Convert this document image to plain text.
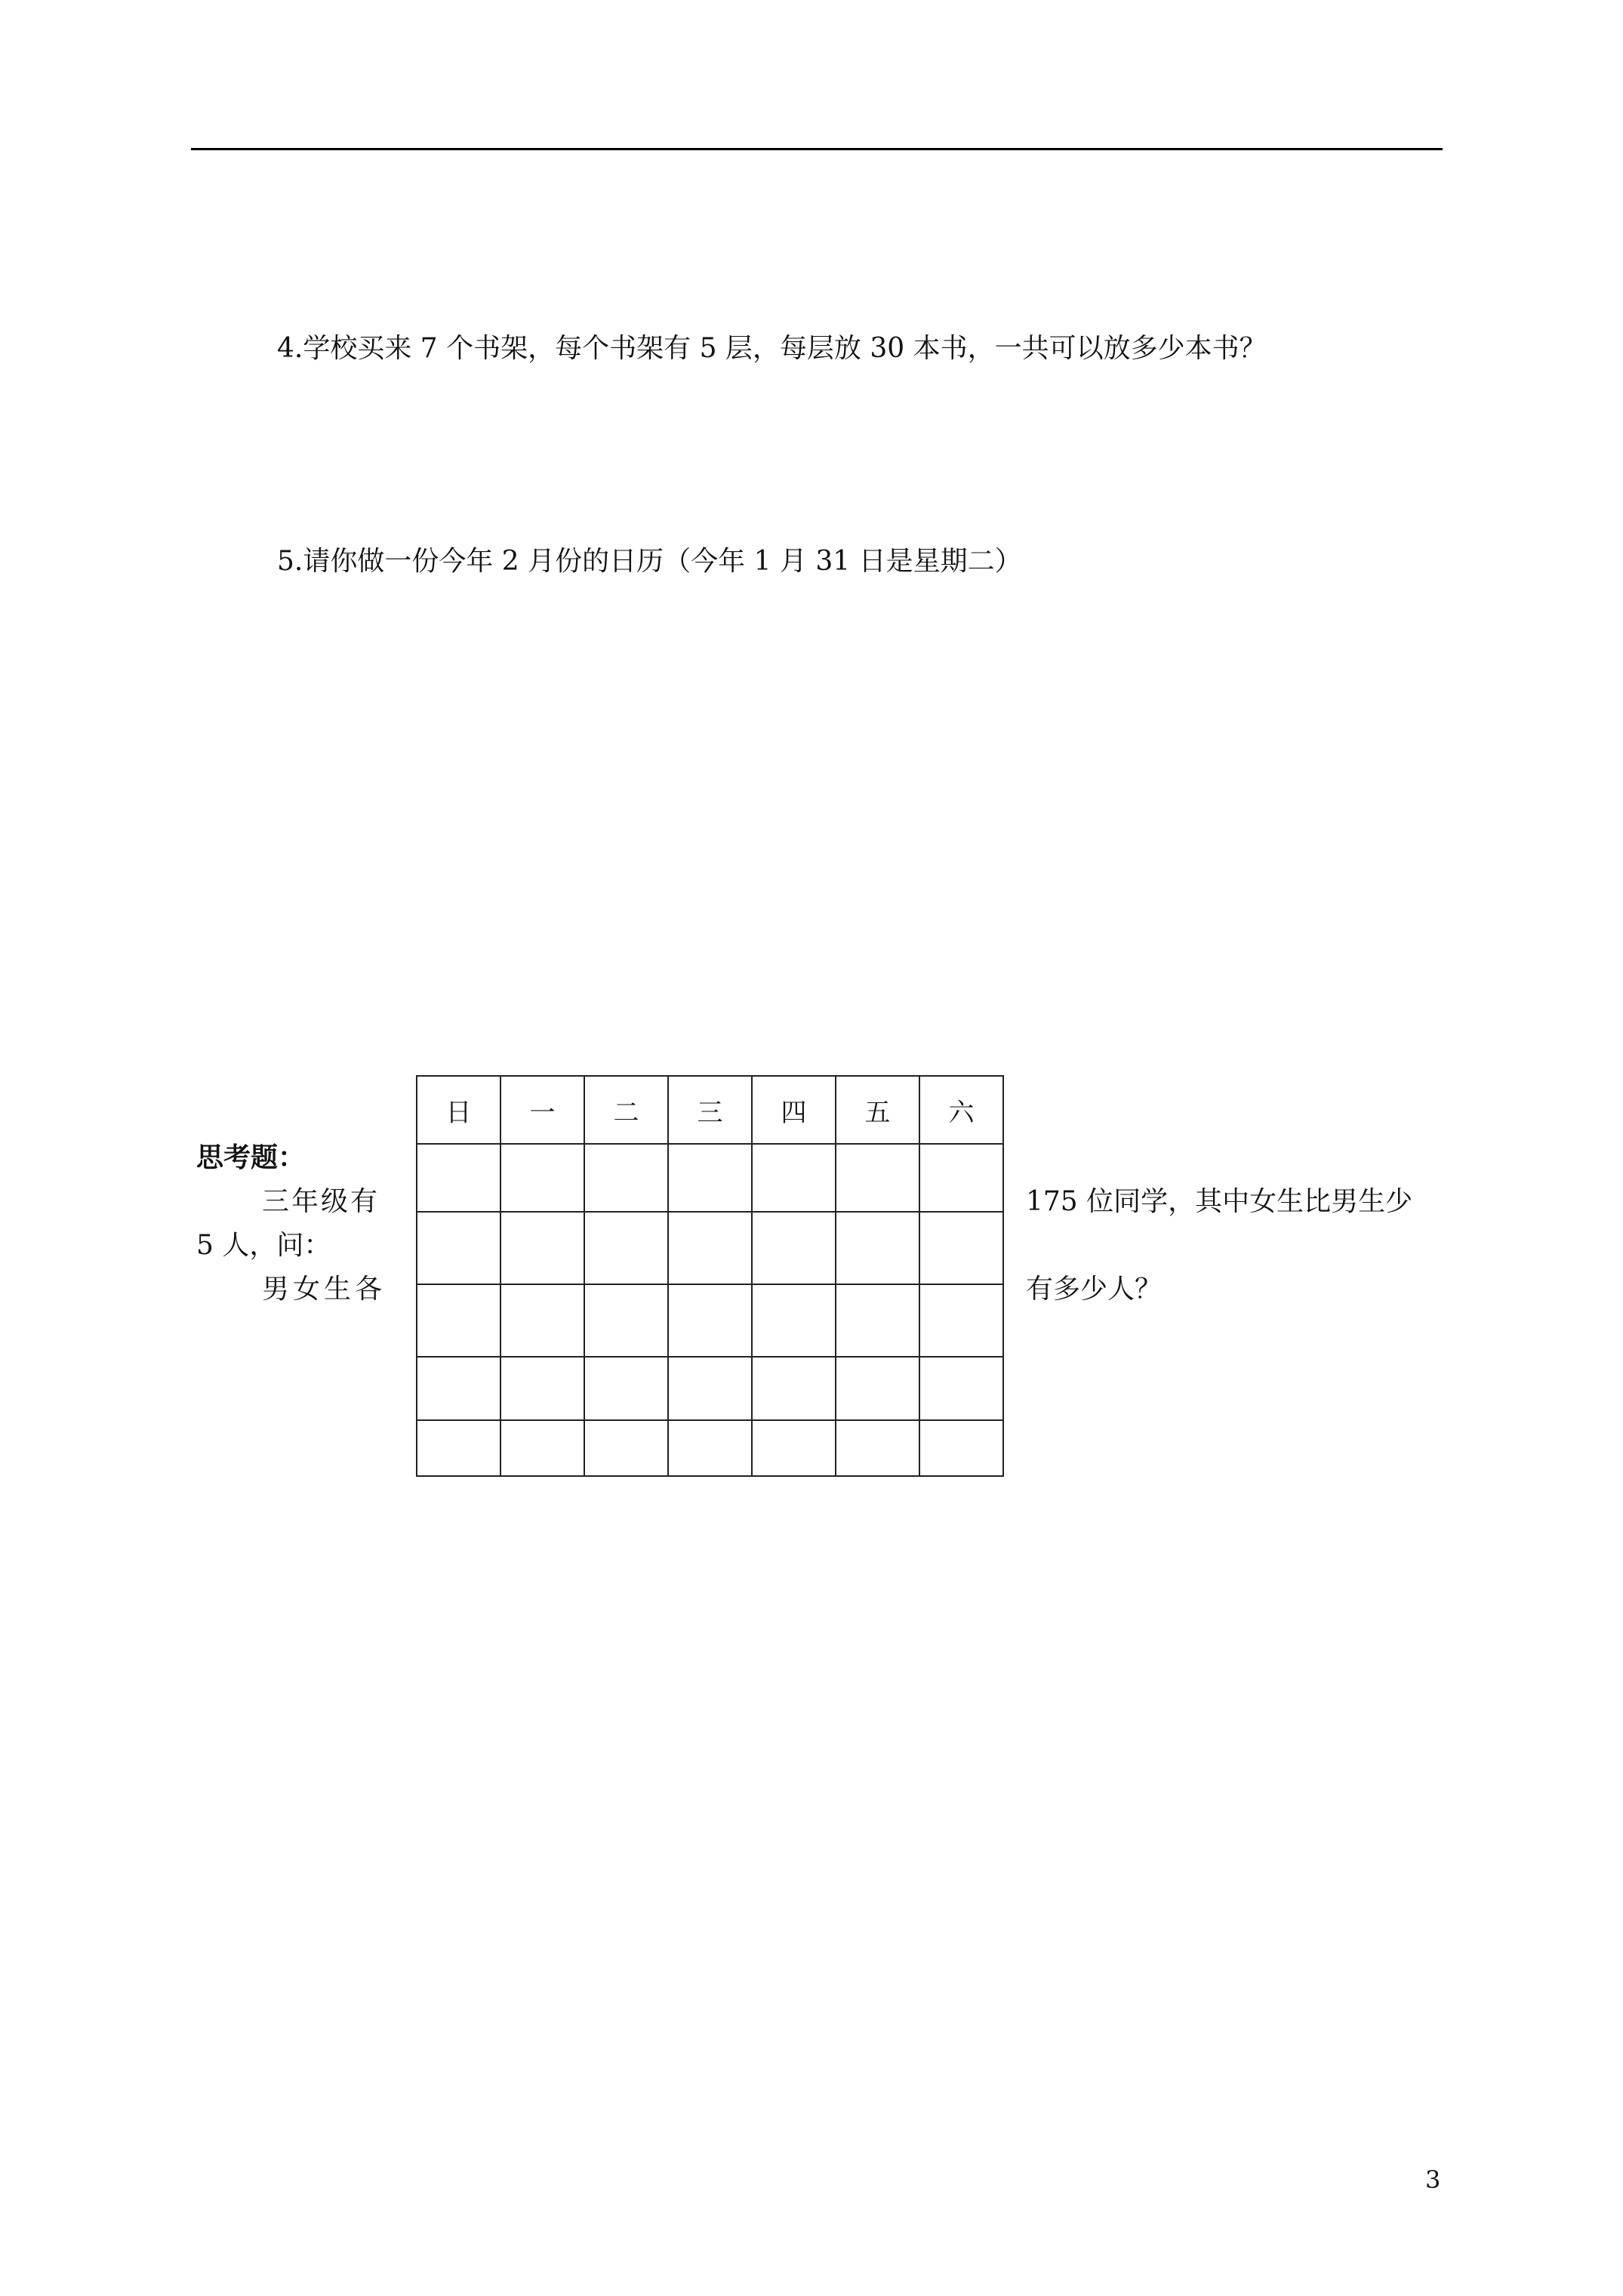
4.学校买来 7 个书架，每个书架有 5 层，每层放 30 本书，一共可以放多少本书？
5.请你做一份今年 2 月份的日历（今年 1 月 31 日是星期二）
日	一	二	三	四	五	六

思考题：
三年级有	175 位同学，其中女生比男生少
5 人，问：
男女生各	有多少人？
3
